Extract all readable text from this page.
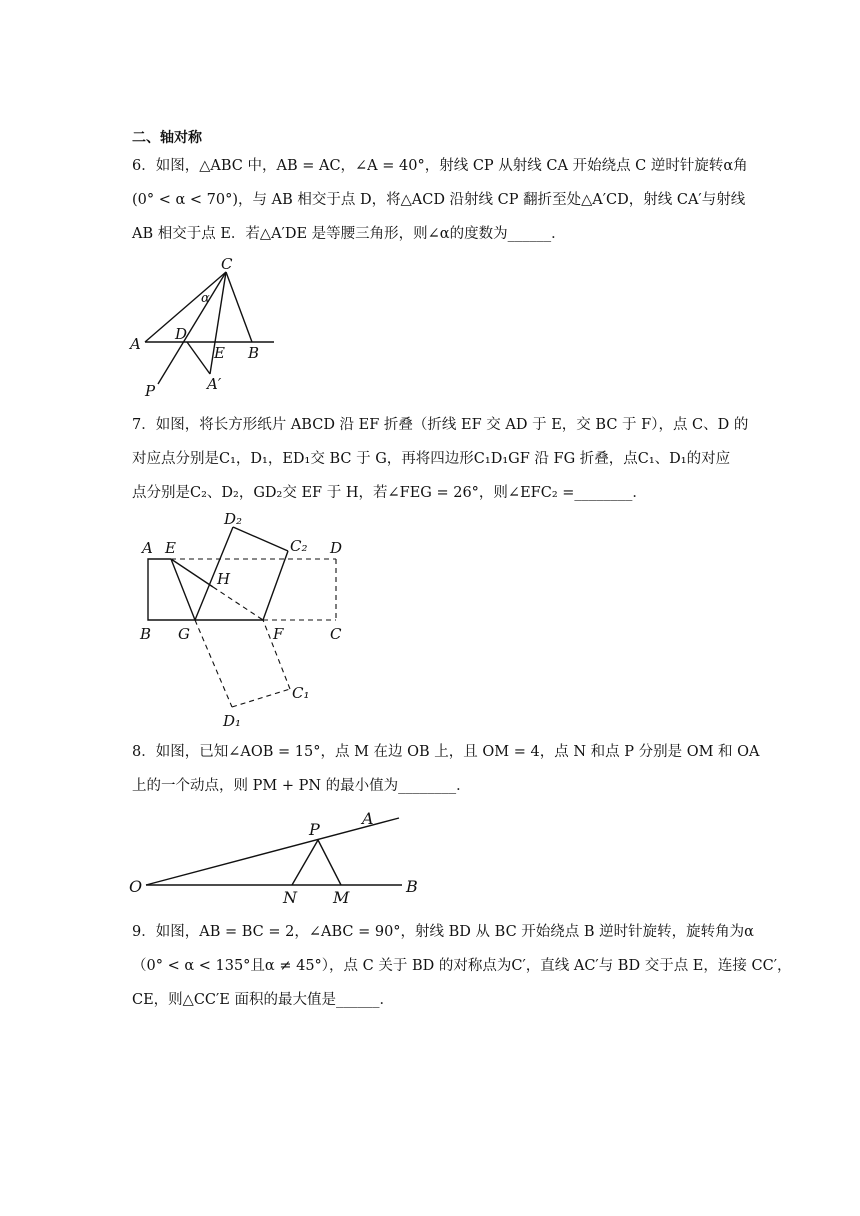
二、轴对称
6．如图，△ABC 中，AB = AC，∠A = 40°，射线 CP 从射线 CA 开始绕点 C 逆时针旋转α角
(0° < α < 70°)，与 AB 相交于点 D，将△ACD 沿射线 CP 翻折至处△A′CD，射线 CA′与射线
AB 相交于点 E．若△A′DE 是等腰三角形，则∠α的度数为______．
C
α
A
D
E B
P	A′
7．如图，将长方形纸片 ABCD 沿 EF 折叠（折线 EF 交 AD 于 E，交 BC 于 F），点 C、D 的
对应点分别是C₁，D₁，ED₁交 BC 于 G，再将四边形C₁D₁GF 沿 FG 折叠，点C₁、D₁的对应
点分别是C₂、D₂，GD₂交 EF 于 H，若∠FEG = 26°，则∠EFC₂ =________．
A E
D₂
C₂ D
H
B G	F	C
C₁
D₁
8．如图，已知∠AOB = 15°，点 M 在边 OB 上，且 OM = 4，点 N 和点 P 分别是 OM 和 OA
上的一个动点，则 PM + PN 的最小值为________．
O
P
A
N M
B
9．如图，AB = BC = 2，∠ABC = 90°，射线 BD 从 BC 开始绕点 B 逆时针旋转，旋转角为α
（0° < α < 135°且α ≠ 45°），点 C 关于 BD 的对称点为C′，直线 AC′与 BD 交于点 E，连接 CC′，
CE，则△CC′E 面积的最大值是______．
